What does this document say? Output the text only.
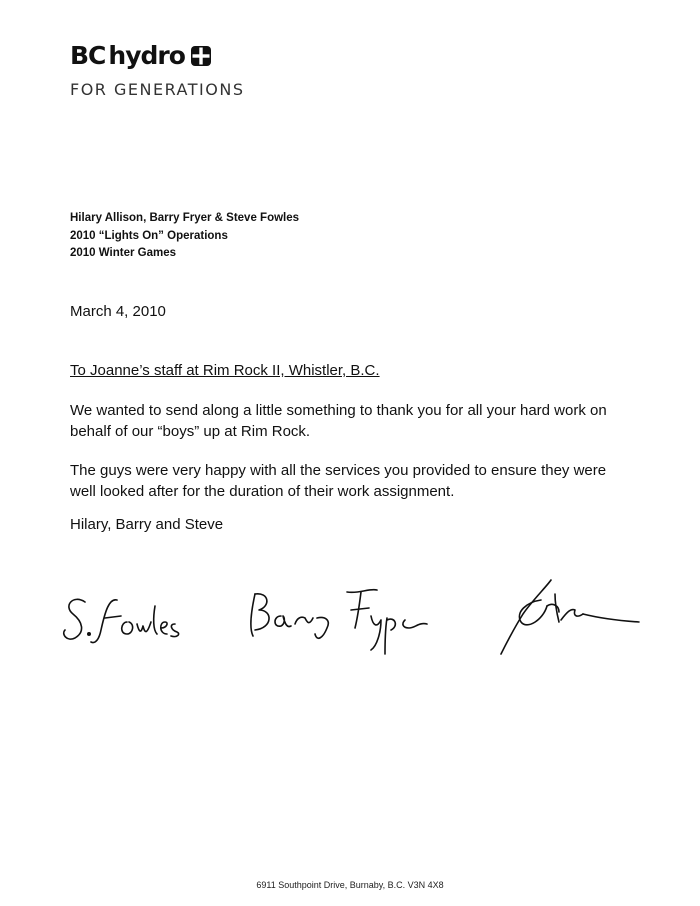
BC hydro
FOR GENERATIONS
Hilary Allison, Barry Fryer & Steve Fowles
2010 “Lights On” Operations
2010 Winter Games
March 4, 2010
To Joanne’s staff at Rim Rock II, Whistler, B.C.
We wanted to send along a little something to thank you for all your hard work on behalf of our “boys” up at Rim Rock.
The guys were very happy with all the services you provided to ensure they were well looked after for the duration of their work assignment.
Hilary, Barry and Steve
6911 Southpoint Drive, Burnaby, B.C. V3N 4X8
